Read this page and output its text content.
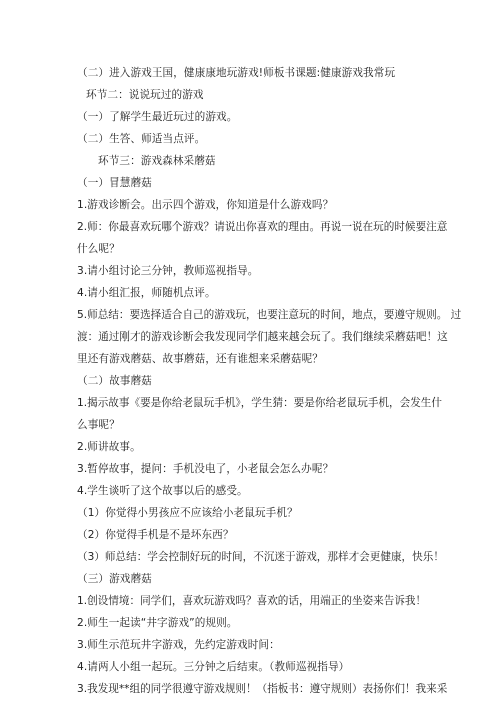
（二）进入游戏王国，健康康地玩游戏!师板书课题:健康游戏我常玩
环节二：说说玩过的游戏
（一）了解学生最近玩过的游戏。
（二）生答、师适当点评。
环节三：游戏森林采蘑菇
（一）冒慧蘑菇
1.游戏诊断会。出示四个游戏，你知道是什么游戏吗？
2.师：你最喜欢玩哪个游戏？请说出你喜欢的理由。再说一说在玩的时候要注意
什么呢？
3.请小组讨论三分钟，教师巡视指导。
4.请小组汇报，师随机点评。
5.师总结：要选择适合自己的游戏玩，也要注意玩的时间，地点，要遵守规则。 过
渡：通过刚才的游戏诊断会我发现同学们越来越会玩了。我们继续采蘑菇吧！这
里还有游戏蘑菇、故事蘑菇，还有谁想来采蘑菇呢？
（二）故事蘑菇
1.揭示故事《要是你给老鼠玩手机》，学生猜：要是你给老鼠玩手机，会发生什
么事呢？
2.师讲故事。
3.暂停故事，提问：手机没电了，小老鼠会怎么办呢？
4.学生谈听了这个故事以后的感受。
（1）你觉得小男孩应不应该给小老鼠玩手机？
（2）你觉得手机是不是坏东西？
（3）师总结：学会控制好玩的时间，不沉迷于游戏，那样才会更健康，快乐！
（三）游戏蘑菇
1.创设情境：同学们，喜欢玩游戏吗？喜欢的话，用端正的坐姿来告诉我！
2.师生一起读“井字游戏”的规则。
3.师生示范玩井字游戏，先约定游戏时间：
4.请两人小组一起玩。三分钟之后结束。（教师巡视指导）
3.我发现**组的同学很遵守游戏规则！（指板书：遵守规则）表扬你们！我来采
